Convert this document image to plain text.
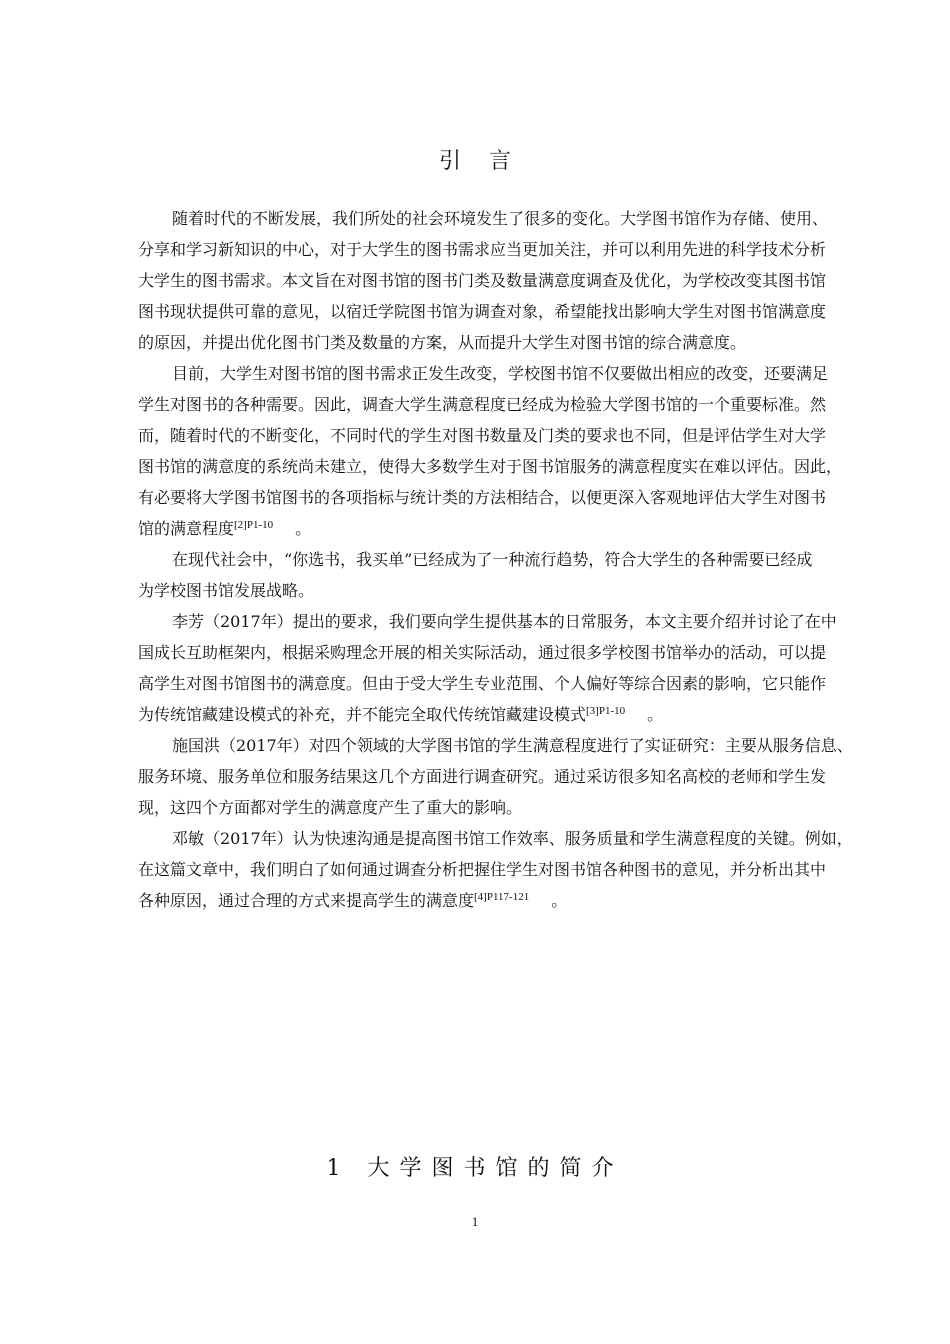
引言

随着时代的不断发展，我们所处的社会环境发生了很多的变化。大学图书馆作为存储、使用、
分享和学习新知识的中心，对于大学生的图书需求应当更加关注，并可以利用先进的科学技术分析
大学生的图书需求。本文旨在对图书馆的图书门类及数量满意度调查及优化，为学校改变其图书馆
图书现状提供可靠的意见，以宿迁学院图书馆为调查对象，希望能找出影响大学生对图书馆满意度
的原因，并提出优化图书门类及数量的方案，从而提升大学生对图书馆的综合满意度。

目前，大学生对图书馆的图书需求正发生改变，学校图书馆不仅要做出相应的改变，还要满足
学生对图书的各种需要。因此，调查大学生满意程度已经成为检验大学图书馆的一个重要标准。然
而，随着时代的不断变化，不同时代的学生对图书数量及门类的要求也不同，但是评估学生对大学
图书馆的满意度的系统尚未建立，使得大多数学生对于图书馆服务的满意程度实在难以评估。因此，
有必要将大学图书馆图书的各项指标与统计类的方法相结合，以便更深入客观地评估大学生对图书
馆的满意程度$^{[2]P1-10}$ 。

在现代社会中，“你选书，我买单”已经成为了一种流行趋势，符合大学生的各种需要已经成
为学校图书馆发展战略。

李芳（2017年）提出的要求，我们要向学生提供基本的日常服务，本文主要介绍并讨论了在中
国成长互助框架内，根据采购理念开展的相关实际活动，通过很多学校图书馆举办的活动，可以提
高学生对图书馆图书的满意度。但由于受大学生专业范围、个人偏好等综合因素的影响，它只能作
为传统馆藏建设模式的补充，并不能完全取代传统馆藏建设模式$^{[3]P1-10}$ 。

施国洪（2017年）对四个领域的大学图书馆的学生满意程度进行了实证研究：主要从服务信息、
服务环境、服务单位和服务结果这几个方面进行调查研究。通过采访很多知名高校的老师和学生发
现，这四个方面都对学生的满意度产生了重大的影响。

邓敏（2017年）认为快速沟通是提高图书馆工作效率、服务质量和学生满意程度的关键。例如，
在这篇文章中，我们明白了如何通过调查分析把握住学生对图书馆各种图书的意见，并分析出其中
各种原因，通过合理的方式来提高学生的满意度$^{[4]P117-121}$ 。

1 大学图书馆的简介
1
